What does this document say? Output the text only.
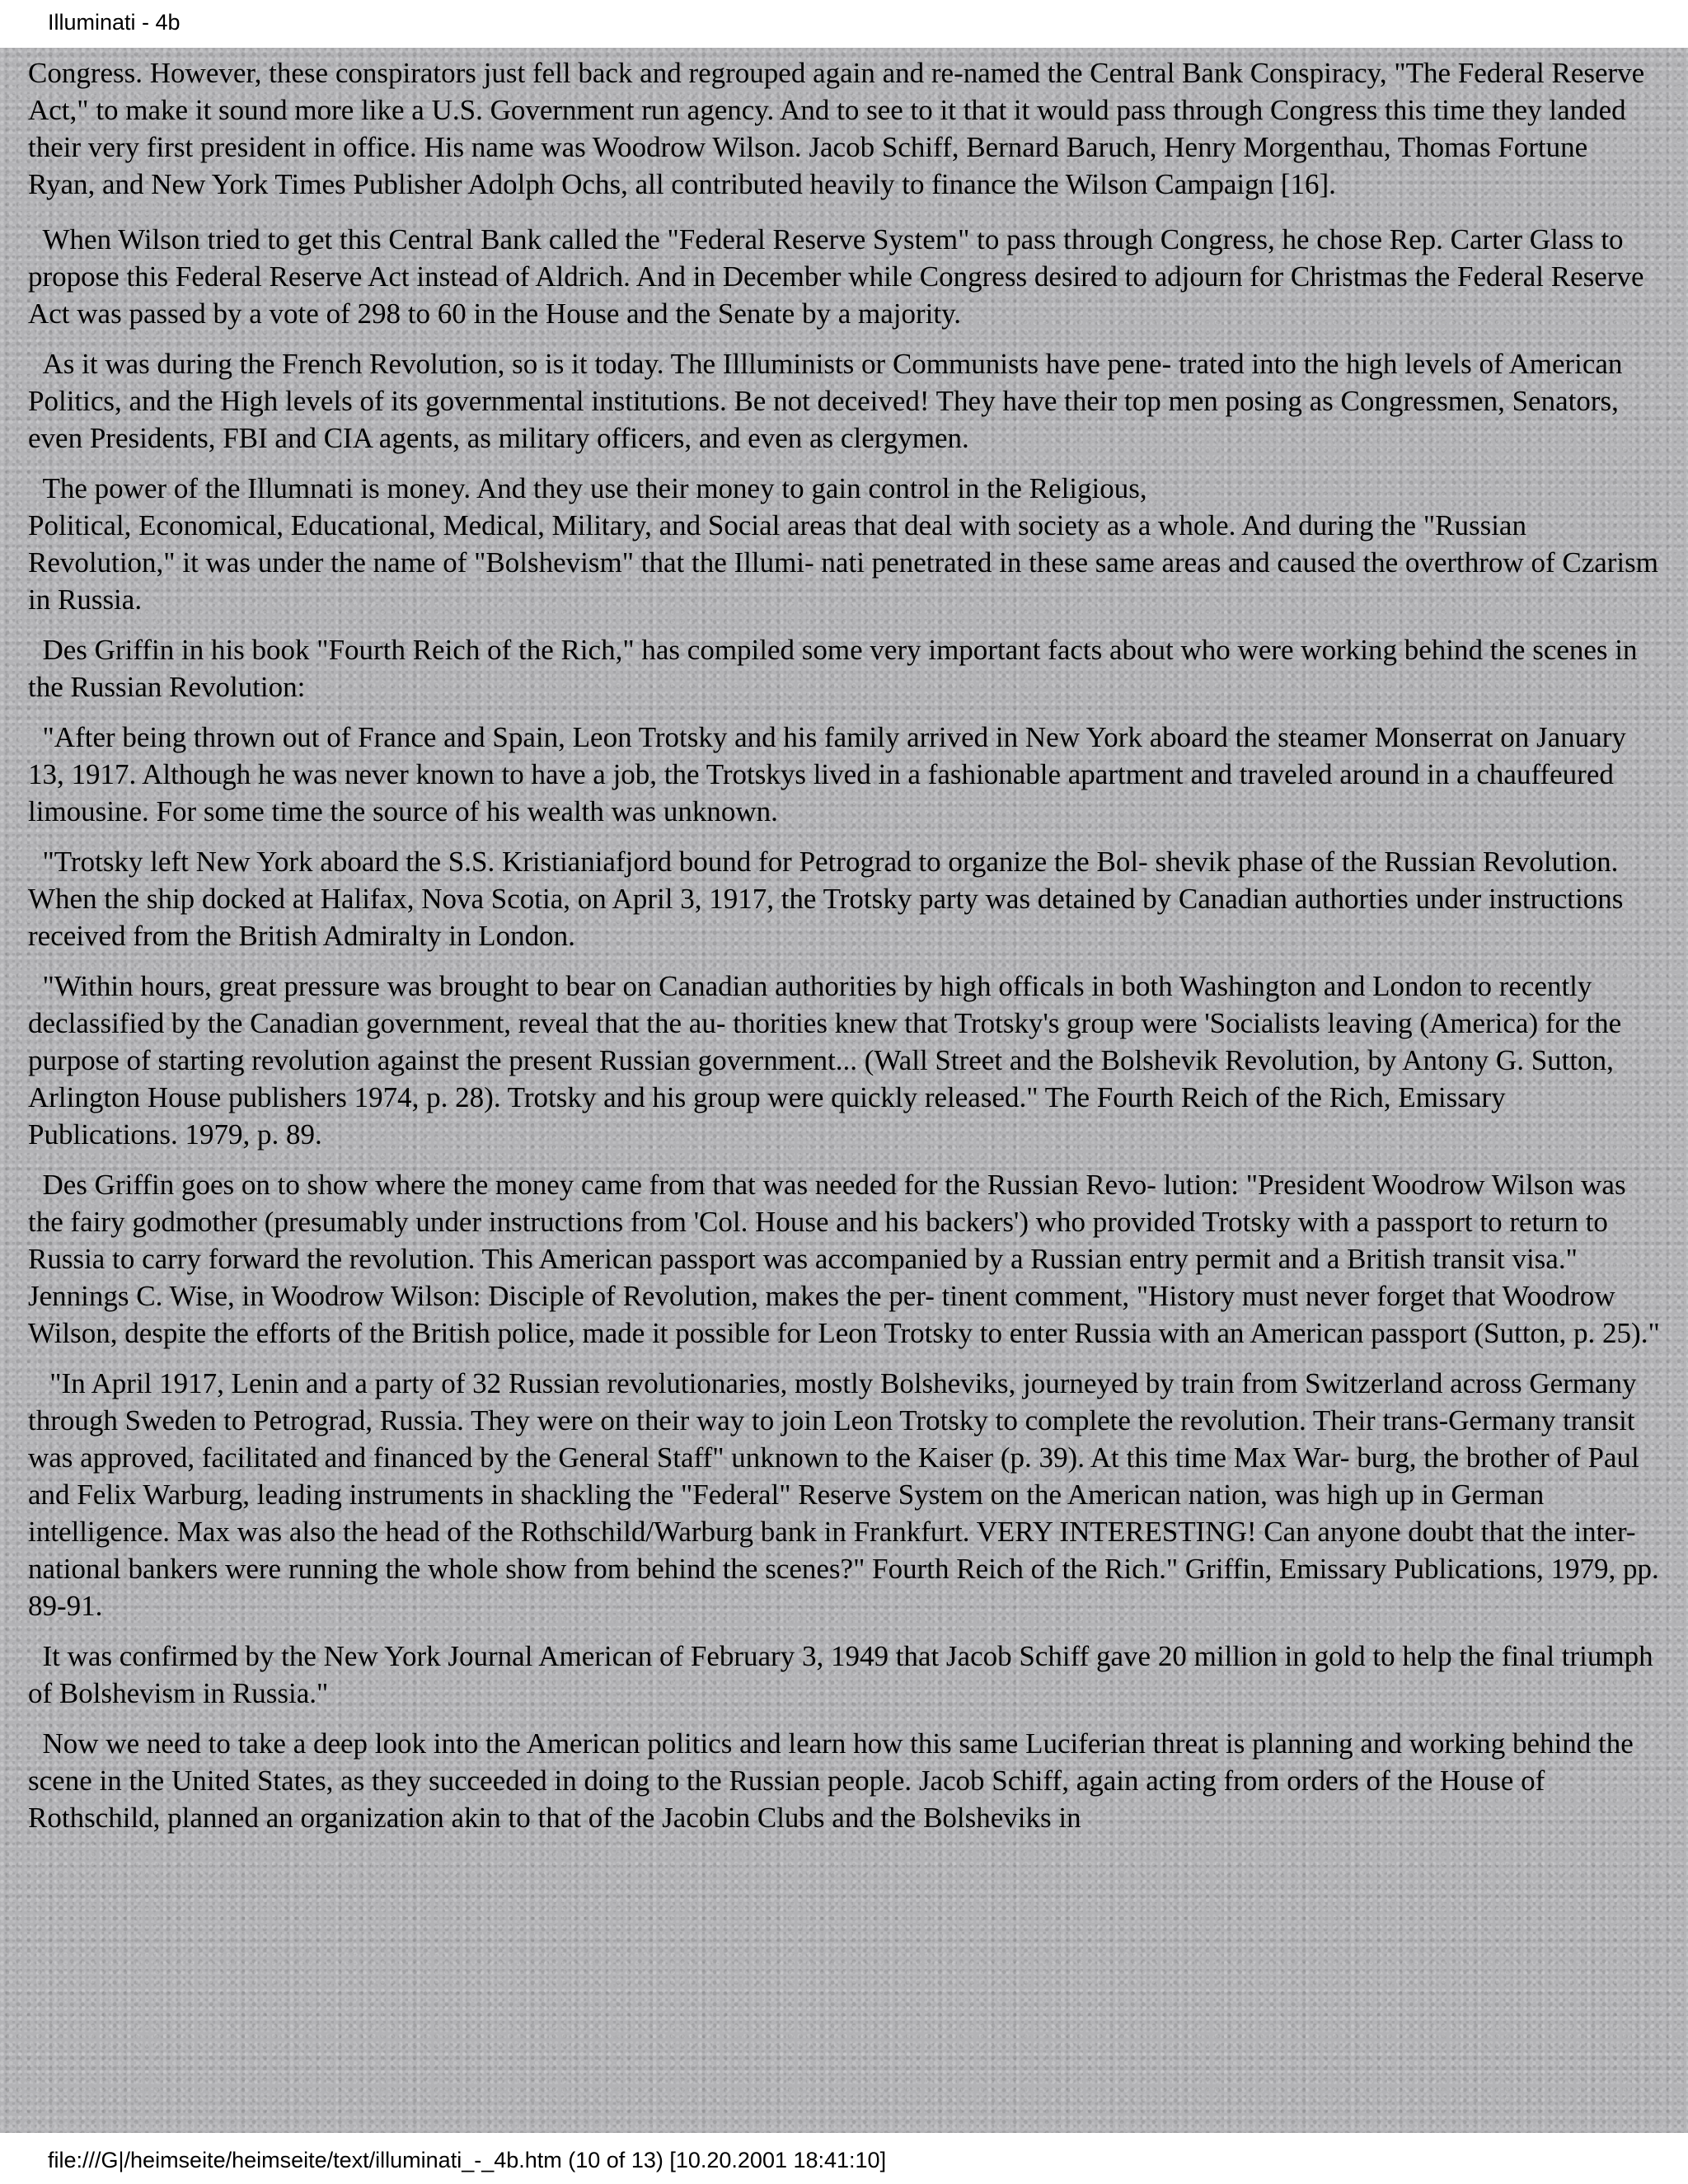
Illuminati - 4b

Congress. However, these conspirators just fell back and regrouped again and re-named the Central Bank Conspiracy, "The Federal Reserve Act," to make it sound more like a U.S. Government run agency. And to see to it that it would pass through Congress this time they landed their very first president in office. His name was Woodrow Wilson. Jacob Schiff, Bernard Baruch, Henry Morgenthau, Thomas Fortune Ryan, and New York Times Publisher Adolph Ochs, all contributed heavily to finance the Wilson Campaign [16].

When Wilson tried to get this Central Bank called the "Federal Reserve System" to pass through Congress, he chose Rep. Carter Glass to propose this Federal Reserve Act instead of Aldrich. And in December while Congress desired to adjourn for Christmas the Federal Reserve Act was passed by a vote of 298 to 60 in the House and the Senate by a majority.

As it was during the French Revolution, so is it today. The Illluminists or Communists have pene- trated into the high levels of American Politics, and the High levels of its governmental institutions. Be not deceived! They have their top men posing as Congressmen, Senators, even Presidents, FBI and CIA agents, as military officers, and even as clergymen.

The power of the Illumnati is money. And they use their money to gain control in the Religious,
Political, Economical, Educational, Medical, Military, and Social areas that deal with society as a whole. And during the "Russian Revolution," it was under the name of "Bolshevism" that the Illumi- nati penetrated in these same areas and caused the overthrow of Czarism in Russia.

Des Griffin in his book "Fourth Reich of the Rich," has compiled some very important facts about who were working behind the scenes in the Russian Revolution:

"After being thrown out of France and Spain, Leon Trotsky and his family arrived in New York aboard the steamer Monserrat on January 13, 1917. Although he was never known to have a job, the Trotskys lived in a fashionable apartment and traveled around in a chauffeured limousine. For some time the source of his wealth was unknown.

"Trotsky left New York aboard the S.S. Kristianiafjord bound for Petrograd to organize the Bol- shevik phase of the Russian Revolution. When the ship docked at Halifax, Nova Scotia, on April 3, 1917, the Trotsky party was detained by Canadian authorties under instructions received from the British Admiralty in London.

"Within hours, great pressure was brought to bear on Canadian authorities by high officals in both Washington and London to recently declassified by the Canadian government, reveal that the au- thorities knew that Trotsky's group were 'Socialists leaving (America) for the purpose of starting revolution against the present Russian government... (Wall Street and the Bolshevik Revolution, by Antony G. Sutton, Arlington House publishers 1974, p. 28). Trotsky and his group were quickly released." The Fourth Reich of the Rich, Emissary Publications. 1979, p. 89.

Des Griffin goes on to show where the money came from that was needed for the Russian Revo- lution: "President Woodrow Wilson was the fairy godmother (presumably under instructions from 'Col. House and his backers') who provided Trotsky with a passport to return to Russia to carry forward the revolution. This American passport was accompanied by a Russian entry permit and a British transit visa." Jennings C. Wise, in Woodrow Wilson: Disciple of Revolution, makes the per- tinent comment, "History must never forget that Woodrow Wilson, despite the efforts of the British police, made it possible for Leon Trotsky to enter Russia with an American passport (Sutton, p. 25)."

"In April 1917, Lenin and a party of 32 Russian revolutionaries, mostly Bolsheviks, journeyed by train from Switzerland across Germany through Sweden to Petrograd, Russia. They were on their way to join Leon Trotsky to complete the revolution. Their trans-Germany transit was approved, facilitated and financed by the General Staff" unknown to the Kaiser (p. 39). At this time Max War- burg, the brother of Paul and Felix Warburg, leading instruments in shackling the "Federal" Reserve System on the American nation, was high up in German intelligence. Max was also the head of the Rothschild/Warburg bank in Frankfurt. VERY INTERESTING! Can anyone doubt that the inter- national bankers were running the whole show from behind the scenes?" Fourth Reich of the Rich." Griffin, Emissary Publications, 1979, pp. 89-91.

It was confirmed by the New York Journal American of February 3, 1949 that Jacob Schiff gave 20 million in gold to help the final triumph of Bolshevism in Russia."

Now we need to take a deep look into the American politics and learn how this same Luciferian threat is planning and working behind the scene in the United States, as they succeeded in doing to the Russian people. Jacob Schiff, again acting from orders of the House of Rothschild, planned an organization akin to that of the Jacobin Clubs and the Bolsheviks in

file:///G|/heimseite/heimseite/text/illuminati_-_4b.htm (10 of 13) [10.20.2001 18:41:10]
